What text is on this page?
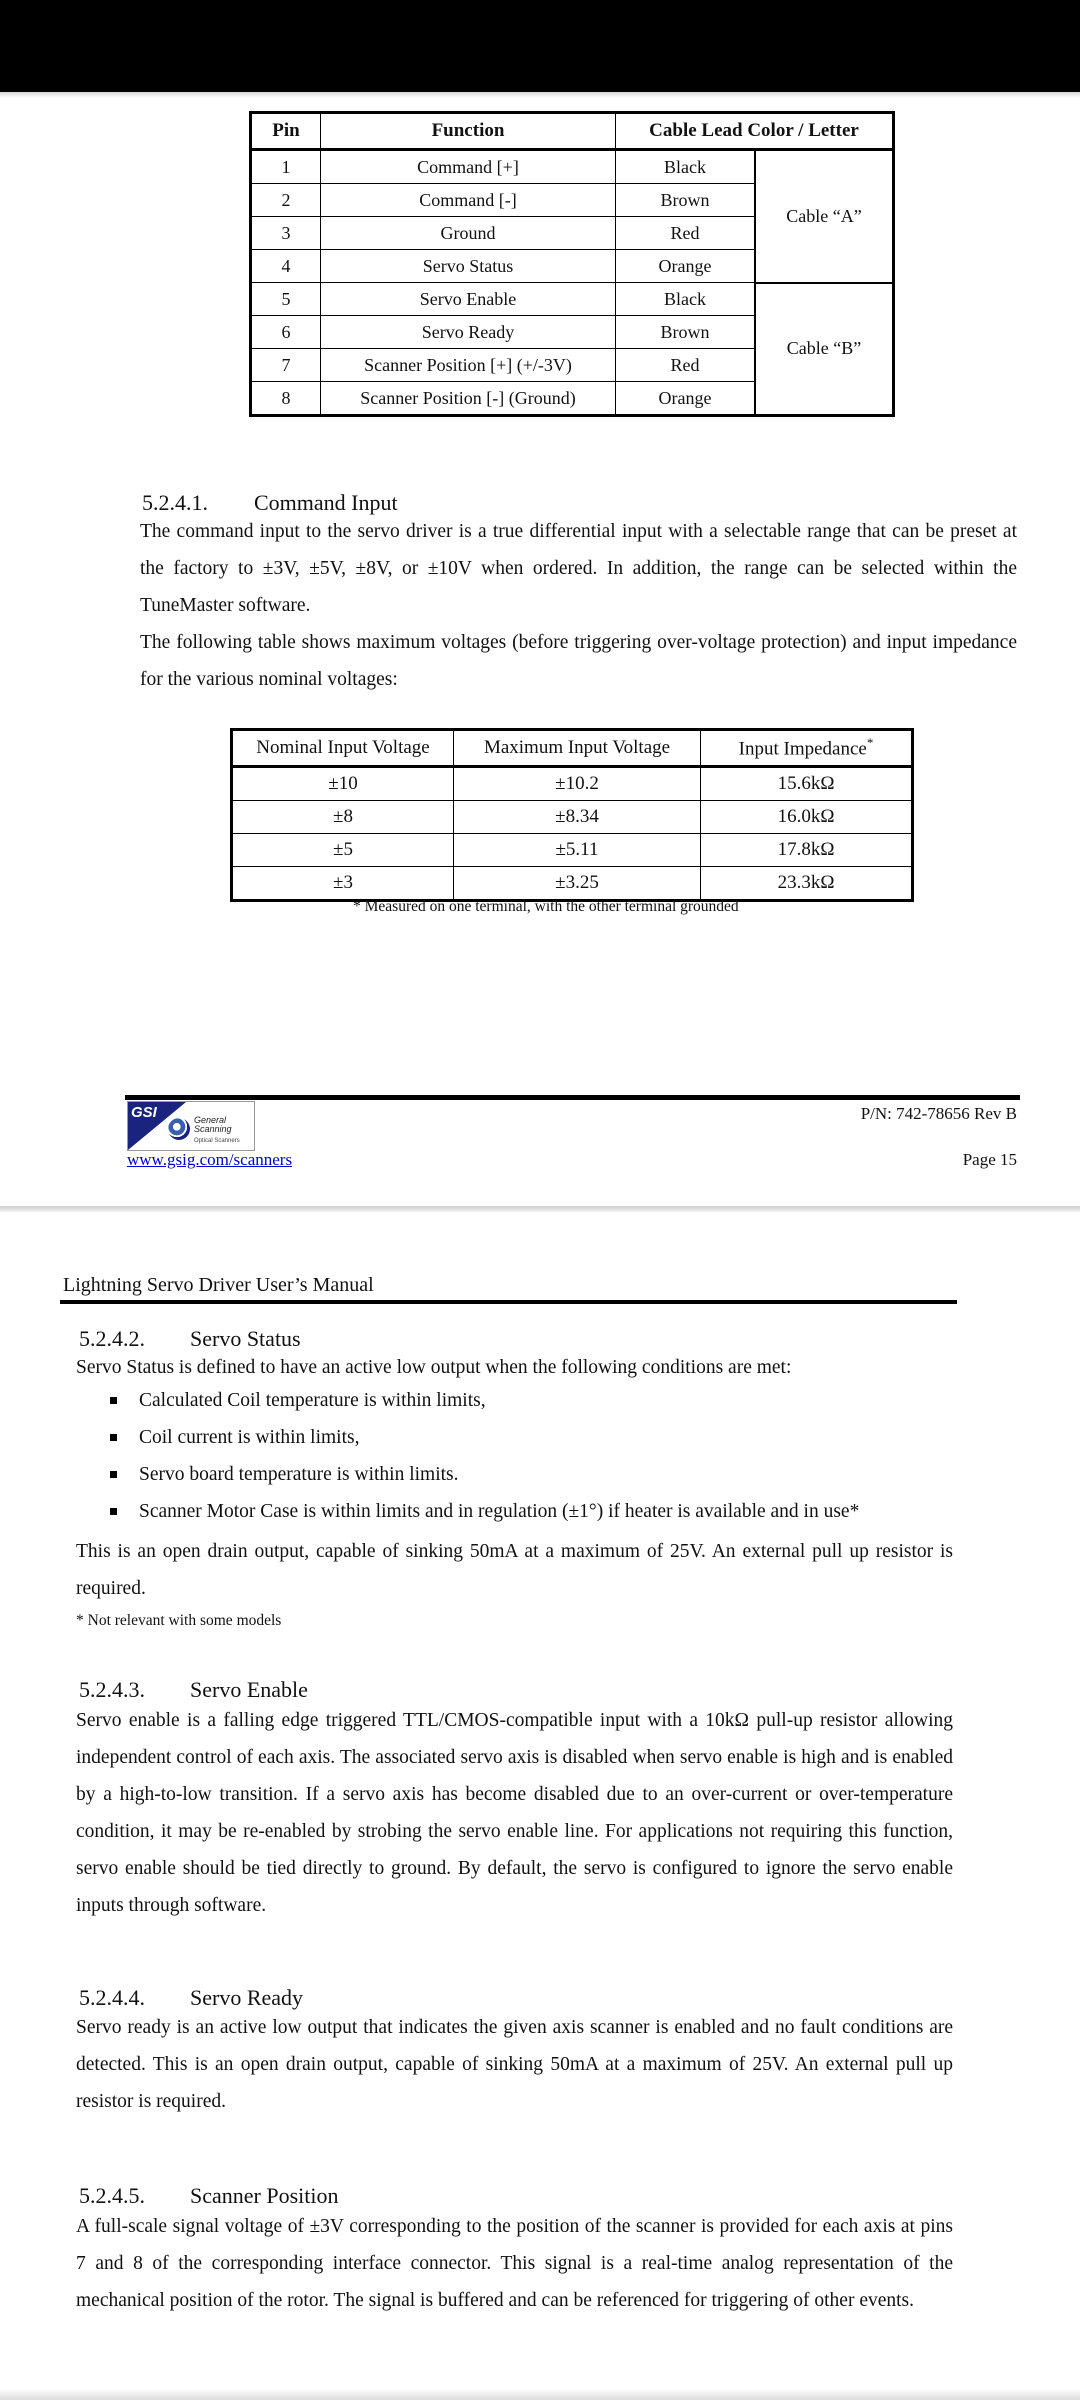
Pin	Function	Cable Lead Color / Letter	
1	Command [+]	Black	Cable “A”
2	Command [-]	Brown	
3	Ground	Red	
4	Servo Status	Orange	
5	Servo Enable	Black	Cable “B”
6	Servo Ready	Brown	
7	Scanner Position [+] (+/-3V)	Red	
8	Scanner Position [-] (Ground)	Orange	
5.2.4.1. Command Input
The command input to the servo driver is a true differential input with a selectable range that can be preset at the factory to ±3V, ±5V, ±8V, or ±10V when ordered. In addition, the range can be selected within the TuneMaster software.
The following table shows maximum voltages (before triggering over-voltage protection) and input impedance for the various nominal voltages:
Nominal Input Voltage	Maximum Input Voltage	Input Impedance*
±10	±10.2	15.6kΩ
±8	±8.34	16.0kΩ
±5	±5.11	17.8kΩ
±3	±3.25	23.3kΩ
* Measured on one terminal, with the other terminal grounded
GSI	General
Scanning
Optical Scanners
www.gsig.com/scanners
P/N: 742-78656 Rev B
Page 15
Lightning Servo Driver User’s Manual
5.2.4.2. Servo Status
Servo Status is defined to have an active low output when the following conditions are met:
Calculated Coil temperature is within limits,
Coil current is within limits,
Servo board temperature is within limits.
Scanner Motor Case is within limits and in regulation (±1°) if heater is available and in use*
This is an open drain output, capable of sinking 50mA at a maximum of 25V. An external pull up resistor is required.
* Not relevant with some models
5.2.4.3. Servo Enable
Servo enable is a falling edge triggered TTL/CMOS-compatible input with a 10kΩ pull-up resistor allowing independent control of each axis. The associated servo axis is disabled when servo enable is high and is enabled by a high-to-low transition. If a servo axis has become disabled due to an over-current or over-temperature condition, it may be re-enabled by strobing the servo enable line. For applications not requiring this function, servo enable should be tied directly to ground. By default, the servo is configured to ignore the servo enable inputs through software.
5.2.4.4. Servo Ready
Servo ready is an active low output that indicates the given axis scanner is enabled and no fault conditions are detected. This is an open drain output, capable of sinking 50mA at a maximum of 25V. An external pull up resistor is required.
5.2.4.5. Scanner Position
A full-scale signal voltage of ±3V corresponding to the position of the scanner is provided for each axis at pins 7 and 8 of the corresponding interface connector. This signal is a real-time analog representation of the mechanical position of the rotor. The signal is buffered and can be referenced for triggering of other events.
